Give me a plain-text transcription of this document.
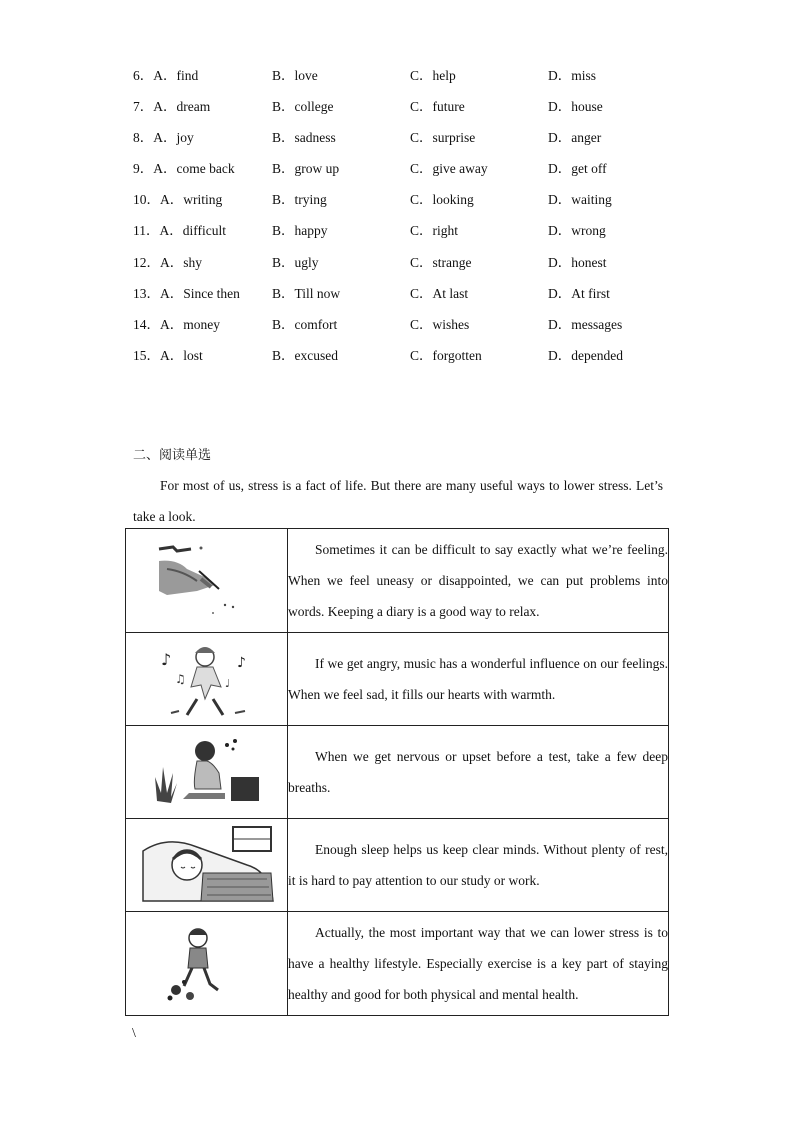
6．A．find	B．love	C．help	D．miss
7．A．dream	B．college	C．future	D．house
8．A．joy	B．sadness	C．surprise	D．anger
9．A．come back	B．grow up	C．give away	D．get off
10．A．writing	B．trying	C．looking	D．waiting
11．A．difficult	B．happy	C．right	D．wrong
12．A．shy	B．ugly	C．strange	D．honest
13．A．Since then B．Till now	C．At last	D．At first
14．A．money	B．comfort	C．wishes	D．messages
15．A．lost	B．excused	C．forgotten	D．depended
二、阅读单选
For most of us, stress is a fact of life. But there are many useful ways to lower stress. Let’s take a look.
	Sometimes it can be difficult to say exactly what we’re feeling. When we feel uneasy or disappointed, we can put problems into words. Keeping a diary is a good way to relax.

♪
♫
♪
♩	If we get angry, music has a wonderful influence on our feelings. When we feel sad, it fills our hearts with warmth.

	When we get nervous or upset before a test, take a few deep breaths.

	Enough sleep helps us keep clear minds. Without plenty of rest, it is hard to pay attention to our study or work.

	Actually, the most important way that we can lower stress is to have a healthy lifestyle. Especially exercise is a key part of staying healthy and good for both physical and mental health.
\
